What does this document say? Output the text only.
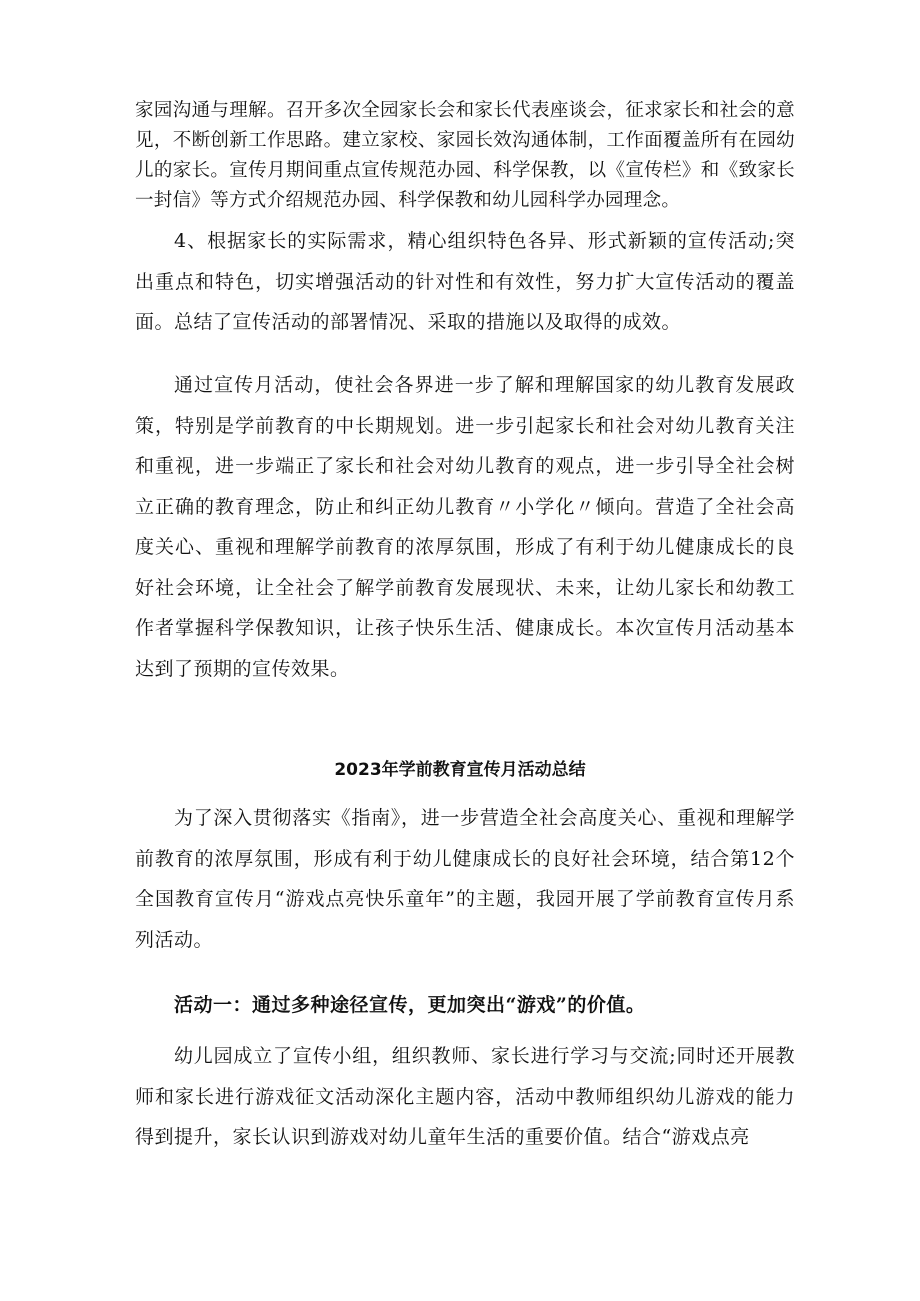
家园沟通与理解。召开多次全园家长会和家长代表座谈会，征求家长和社会的意见，不断创新工作思路。建立家校、家园长效沟通体制，工作面覆盖所有在园幼儿的家长。宣传月期间重点宣传规范办园、科学保教，以《宣传栏》和《致家长一封信》等方式介绍规范办园、科学保教和幼儿园科学办园理念。

4、根据家长的实际需求，精心组织特色各异、形式新颖的宣传活动;突出重点和特色，切实增强活动的针对性和有效性，努力扩大宣传活动的覆盖面。总结了宣传活动的部署情况、采取的措施以及取得的成效。

通过宣传月活动，使社会各界进一步了解和理解国家的幼儿教育发展政策，特别是学前教育的中长期规划。进一步引起家长和社会对幼儿教育关注和重视，进一步端正了家长和社会对幼儿教育的观点，进一步引导全社会树立正确的教育理念，防止和纠正幼儿教育〃小学化〃倾向。营造了全社会高度关心、重视和理解学前教育的浓厚氛围，形成了有利于幼儿健康成长的良好社会环境，让全社会了解学前教育发展现状、未来，让幼儿家长和幼教工作者掌握科学保教知识，让孩子快乐生活、健康成长。本次宣传月活动基本达到了预期的宣传效果。

2023年学前教育宣传月活动总结

为了深入贯彻落实《指南》，进一步营造全社会高度关心、重视和理解学前教育的浓厚氛围，形成有利于幼儿健康成长的良好社会环境，结合第12个全国教育宣传月“游戏点亮快乐童年”的主题，我园开展了学前教育宣传月系列活动。

活动一：通过多种途径宣传，更加突出“游戏”的价值。

幼儿园成立了宣传小组，组织教师、家长进行学习与交流;同时还开展教师和家长进行游戏征文活动深化主题内容，活动中教师组织幼儿游戏的能力得到提升，家长认识到游戏对幼儿童年生活的重要价值。结合“游戏点亮
